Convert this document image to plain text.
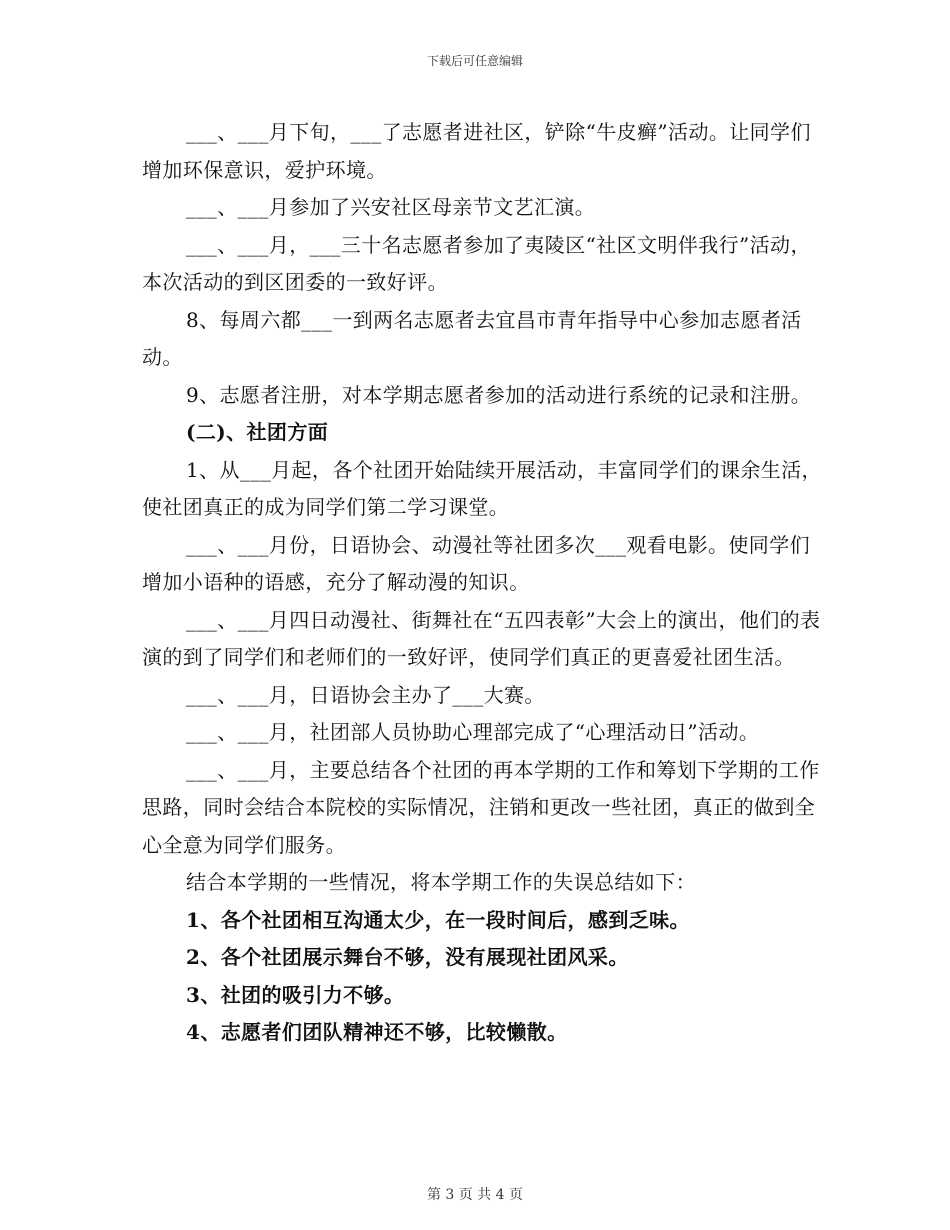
下载后可任意编辑

___、___月下旬，___了志愿者进社区，铲除“牛皮癣”活动。让同学们增加环保意识，爱护环境。

___、___月参加了兴安社区母亲节文艺汇演。

___、___月，___三十名志愿者参加了夷陵区“社区文明伴我行”活动，本次活动的到区团委的一致好评。

8、每周六都___一到两名志愿者去宜昌市青年指导中心参加志愿者活动。

9、志愿者注册，对本学期志愿者参加的活动进行系统的记录和注册。

(二)、社团方面

1、从___月起，各个社团开始陆续开展活动，丰富同学们的课余生活，使社团真正的成为同学们第二学习课堂。

___、___月份，日语协会、动漫社等社团多次___观看电影。使同学们增加小语种的语感，充分了解动漫的知识。

___、___月四日动漫社、街舞社在“五四表彰”大会上的演出，他们的表演的到了同学们和老师们的一致好评，使同学们真正的更喜爱社团生活。

___、___月，日语协会主办了___大赛。

___、___月，社团部人员协助心理部完成了“心理活动日”活动。

___、___月，主要总结各个社团的再本学期的工作和筹划下学期的工作思路，同时会结合本院校的实际情况，注销和更改一些社团，真正的做到全心全意为同学们服务。

结合本学期的一些情况，将本学期工作的失误总结如下：

1、各个社团相互沟通太少，在一段时间后，感到乏味。

2、各个社团展示舞台不够，没有展现社团风采。

3、社团的吸引力不够。

4、志愿者们团队精神还不够，比较懒散。

第 3 页 共 4 页
